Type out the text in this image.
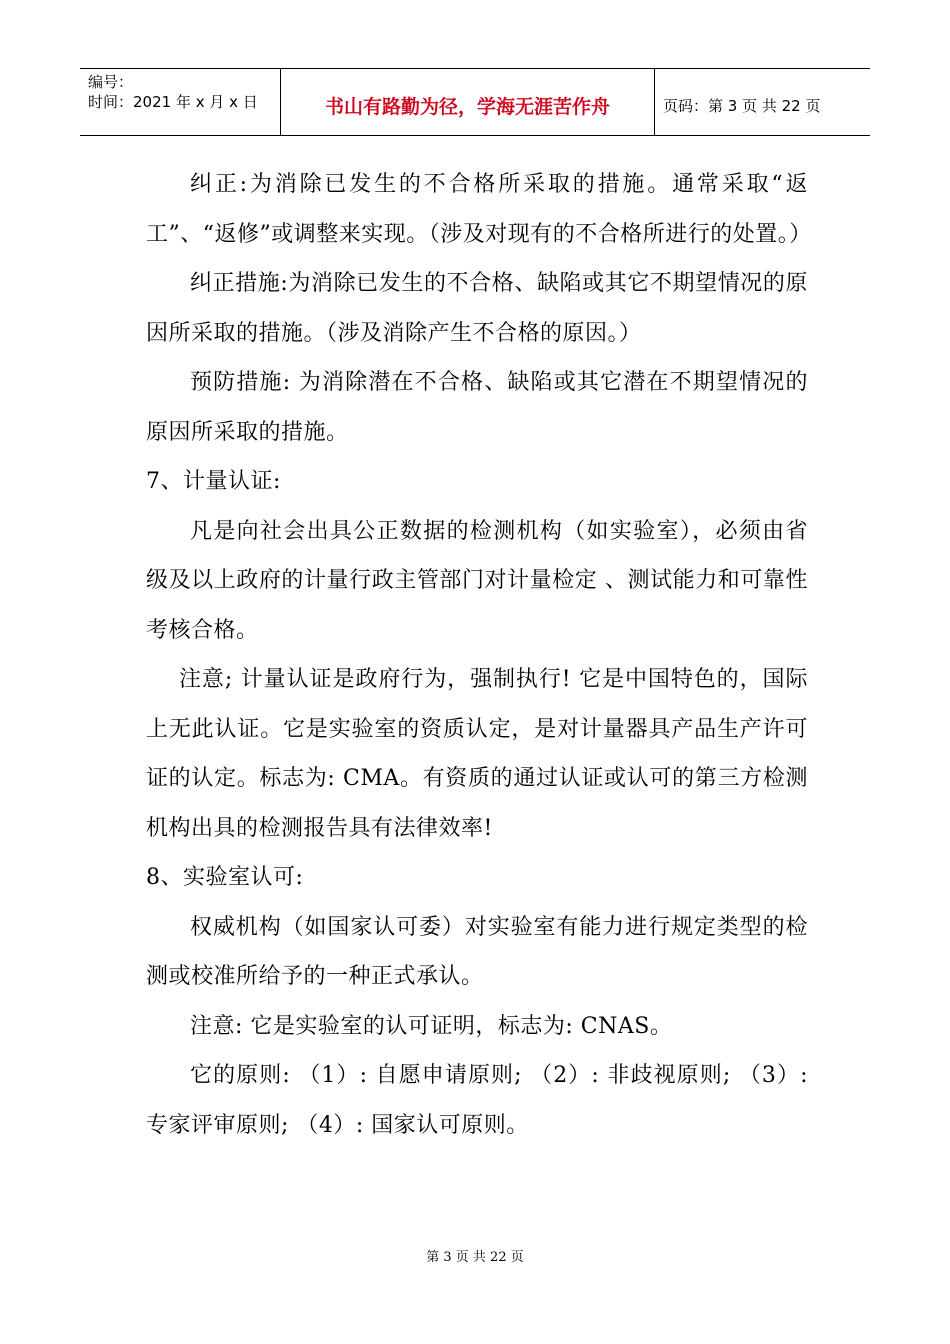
编号：
时间：2021 年 x 月 x 日	书山有路勤为径，学海无涯苦作舟	页码：第 3 页 共 22 页

纠正:为消除已发生的不合格所采取的措施。通常采取“返工”、“返修”或调整来实现。（涉及对现有的不合格所进行的处置。）

纠正措施:为消除已发生的不合格、缺陷或其它不期望情况的原因所采取的措施。（涉及消除产生不合格的原因。）

预防措施: 为消除潜在不合格、缺陷或其它潜在不期望情况的原因所采取的措施。

7、计量认证:

凡是向社会出具公正数据的检测机构（如实验室），必须由省级及以上政府的计量行政主管部门对计量检定 、测试能力和可靠性考核合格。

注意; 计量认证是政府行为，强制执行! 它是中国特色的，国际上无此认证。它是实验室的资质认定，是对计量器具产品生产许可证的认定。标志为: CMA。有资质的通过认证或认可的第三方检测机构出具的检测报告具有法律效率!

8、实验室认可:

权威机构（如国家认可委）对实验室有能力进行规定类型的检测或校准所给予的一种正式承认。

注意: 它是实验室的认可证明，标志为: CNAS。

它的原则: （1）: 自愿申请原则; （2）: 非歧视原则; （3）: 专家评审原则; （4）: 国家认可原则。

第 3 页 共 22 页
